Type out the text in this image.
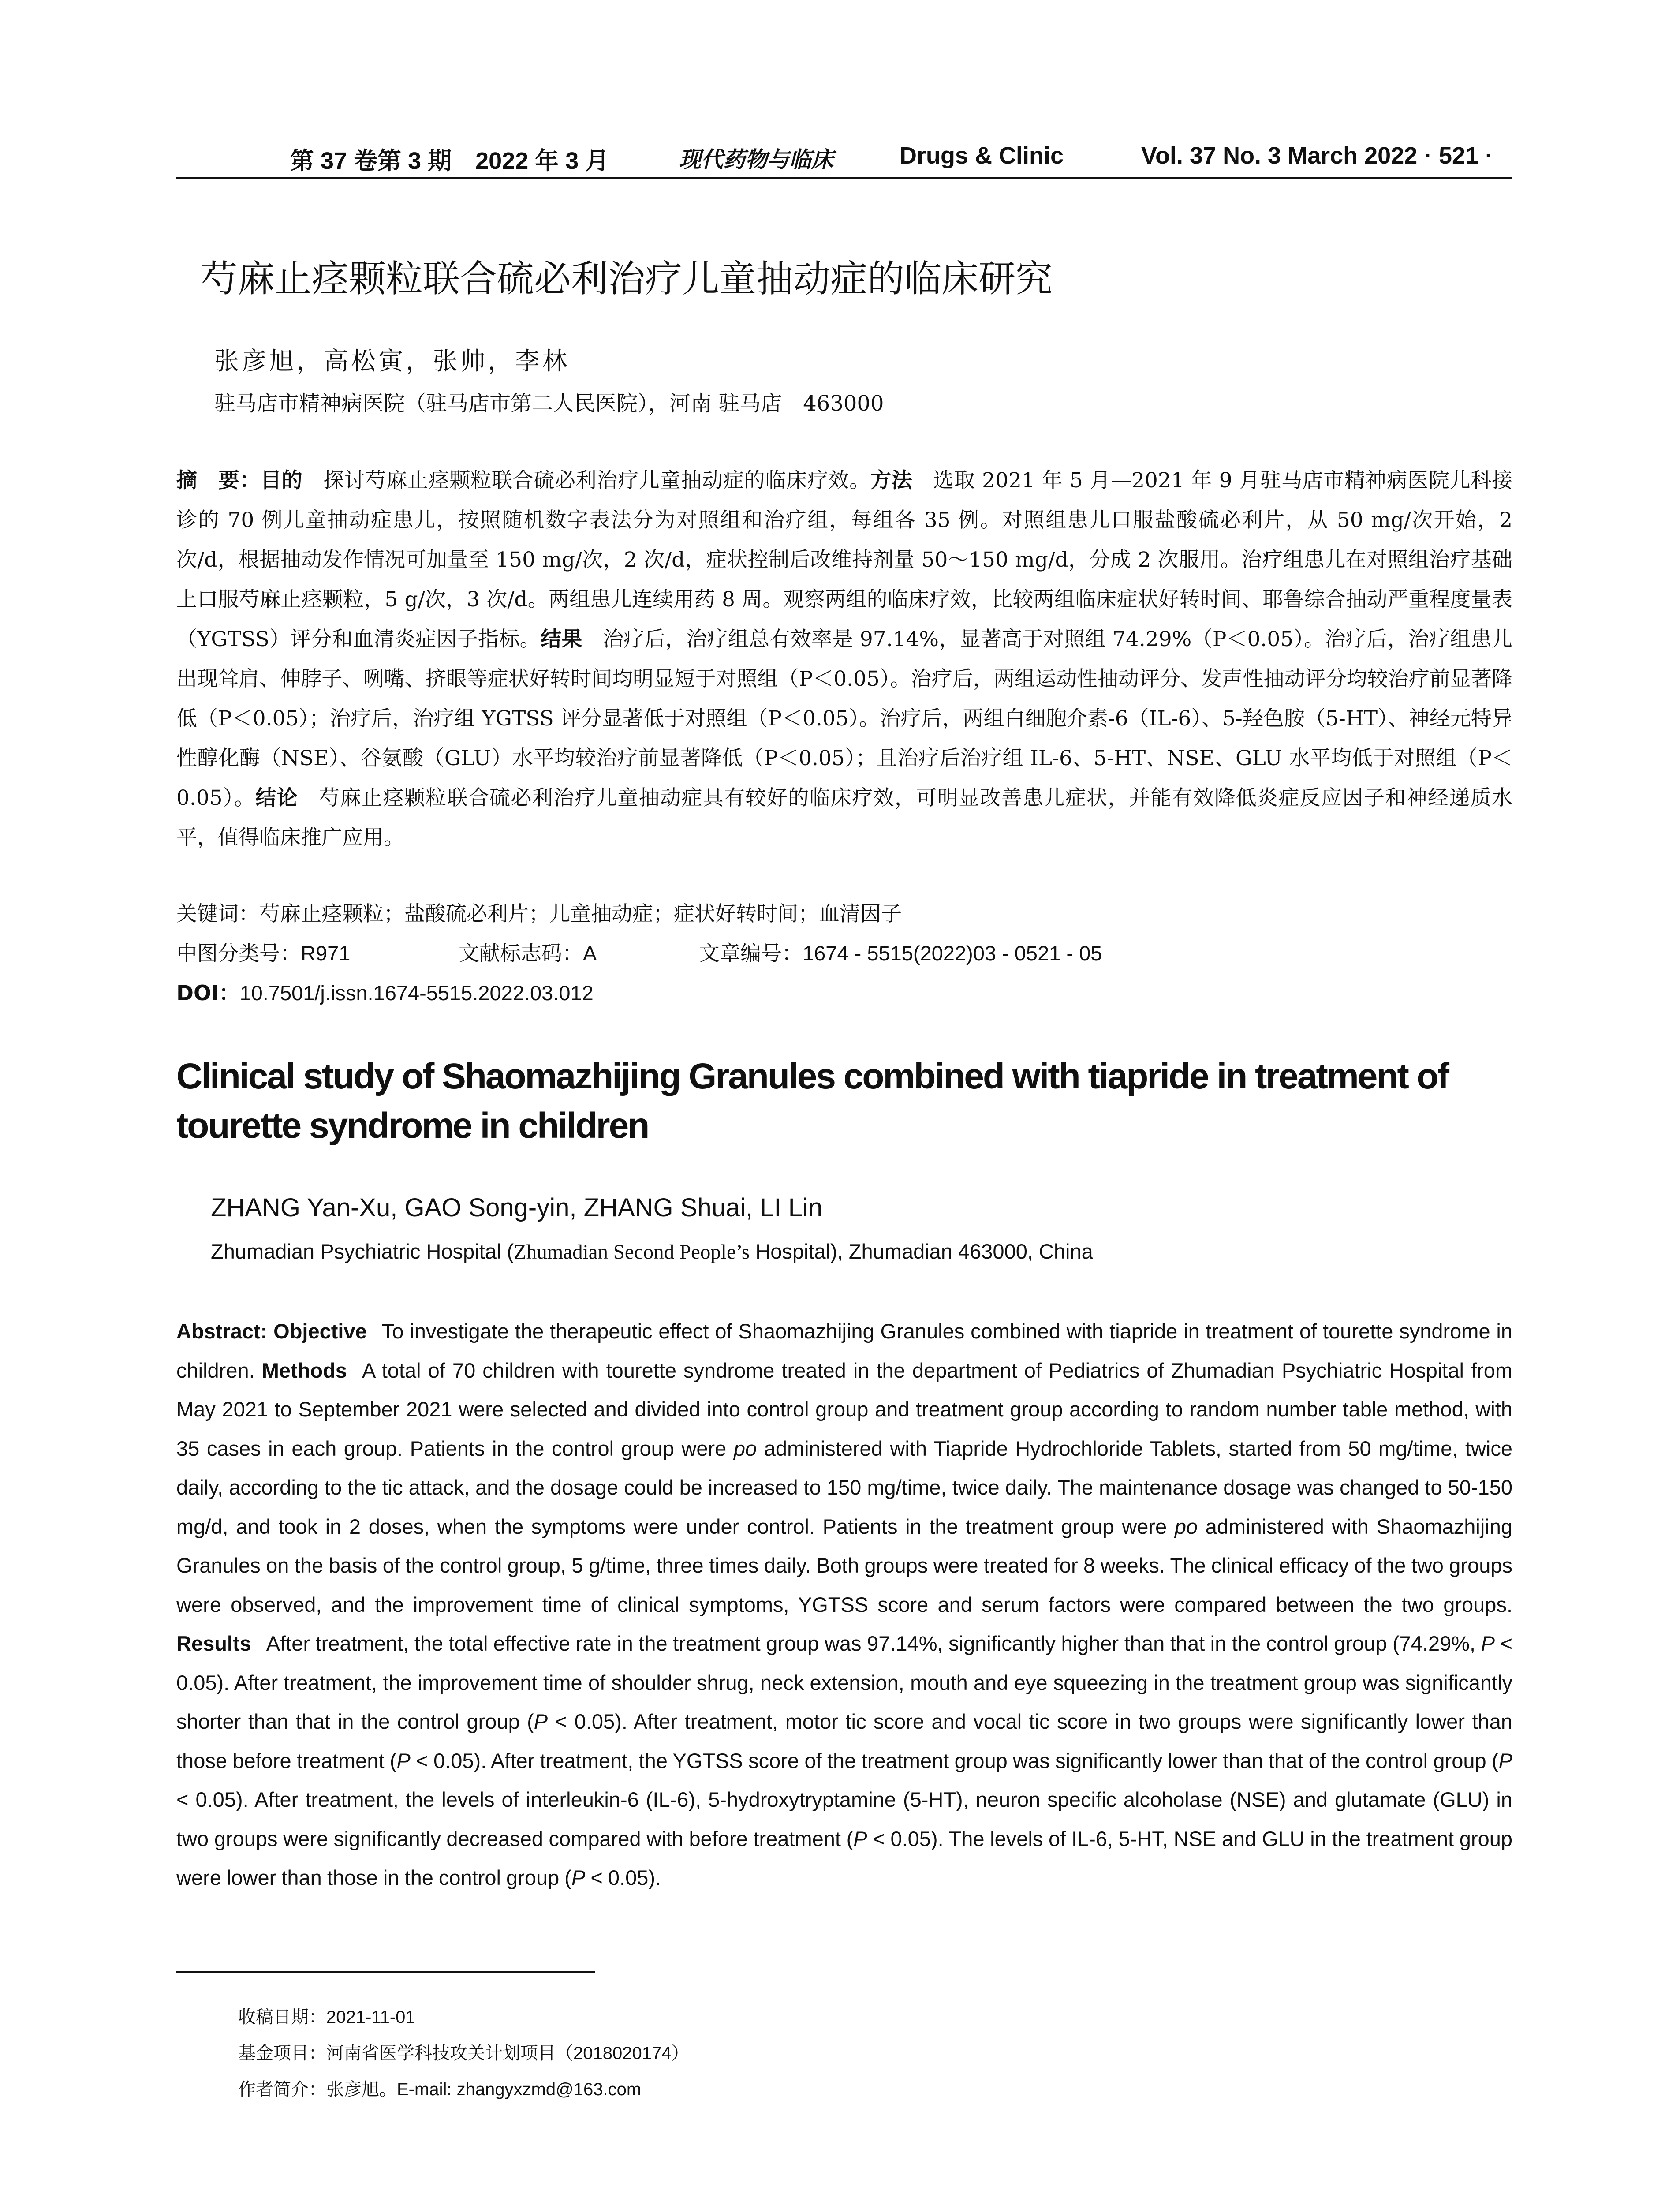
第 37 卷第 3 期　2022 年 3 月	现代药物与临床	Drugs & Clinic	Vol. 37 No. 3 March 2022 · 521 ·
芍麻止痉颗粒联合硫必利治疗儿童抽动症的临床研究
张彦旭，高松寅，张帅，李林
驻马店市精神病医院（驻马店市第二人民医院），河南 驻马店　463000

摘　要：目的 探讨芍麻止痉颗粒联合硫必利治疗儿童抽动症的临床疗效。方法 选取 2021 年 5 月—2021 年 9 月驻马店市精神病医院儿科接诊的 70 例儿童抽动症患儿，按照随机数字表法分为对照组和治疗组，每组各 35 例。对照组患儿口服盐酸硫必利片，从 50 mg/次开始，2 次/d，根据抽动发作情况可加量至 150 mg/次，2 次/d，症状控制后改维持剂量 50～150 mg/d，分成 2 次服用。治疗组患儿在对照组治疗基础上口服芍麻止痉颗粒，5 g/次，3 次/d。两组患儿连续用药 8 周。观察两组的临床疗效，比较两组临床症状好转时间、耶鲁综合抽动严重程度量表（YGTSS）评分和血清炎症因子指标。结果 治疗后，治疗组总有效率是 97.14%，显著高于对照组 74.29%（P＜0.05）。治疗后，治疗组患儿出现耸肩、伸脖子、咧嘴、挤眼等症状好转时间均明显短于对照组（P＜0.05）。治疗后，两组运动性抽动评分、发声性抽动评分均较治疗前显著降低（P＜0.05）；治疗后，治疗组 YGTSS 评分显著低于对照组（P＜0.05）。治疗后，两组白细胞介素-6（IL-6）、5-羟色胺（5-HT）、神经元特异性醇化酶（NSE）、谷氨酸（GLU）水平均较治疗前显著降低（P＜0.05）；且治疗后治疗组 IL-6、5-HT、NSE、GLU 水平均低于对照组（P＜0.05）。结论 芍麻止痉颗粒联合硫必利治疗儿童抽动症具有较好的临床疗效，可明显改善患儿症状，并能有效降低炎症反应因子和神经递质水平，值得临床推广应用。

关键词：芍麻止痉颗粒；盐酸硫必利片；儿童抽动症；症状好转时间；血清因子
中图分类号：R971	文献标志码：A	文章编号：1674 - 5515(2022)03 - 0521 - 05
DOI：10.7501/j.issn.1674-5515.2022.03.012
Clinical study of Shaomazhijing Granules combined with tiapride in treatment of tourette syndrome in children
ZHANG Yan-Xu, GAO Song-yin, ZHANG Shuai, LI Lin
Zhumadian Psychiatric Hospital (Zhumadian Second People’s Hospital), Zhumadian 463000, China

Abstract: Objective To investigate the therapeutic effect of Shaomazhijing Granules combined with tiapride in treatment of tourette syndrome in children. Methods A total of 70 children with tourette syndrome treated in the department of Pediatrics of Zhumadian Psychiatric Hospital from May 2021 to September 2021 were selected and divided into control group and treatment group according to random number table method, with 35 cases in each group. Patients in the control group were po administered with Tiapride Hydrochloride Tablets, started from 50 mg/time, twice daily, according to the tic attack, and the dosage could be increased to 150 mg/time, twice daily. The maintenance dosage was changed to 50-150 mg/d, and took in 2 doses, when the symptoms were under control. Patients in the treatment group were po administered with Shaomazhijing Granules on the basis of the control group, 5 g/time, three times daily. Both groups were treated for 8 weeks. The clinical efficacy of the two groups were observed, and the improvement time of clinical symptoms, YGTSS score and serum factors were compared between the two groups. Results After treatment, the total effective rate in the treatment group was 97.14%, significantly higher than that in the control group (74.29%, P < 0.05). After treatment, the improvement time of shoulder shrug, neck extension, mouth and eye squeezing in the treatment group was significantly shorter than that in the control group (P < 0.05). After treatment, motor tic score and vocal tic score in two groups were significantly lower than those before treatment (P < 0.05). After treatment, the YGTSS score of the treatment group was significantly lower than that of the control group (P < 0.05). After treatment, the levels of interleukin-6 (IL-6), 5-hydroxytryptamine (5-HT), neuron specific alcoholase (NSE) and glutamate (GLU) in two groups were significantly decreased compared with before treatment (P < 0.05). The levels of IL-6, 5-HT, NSE and GLU in the treatment group were lower than those in the control group (P < 0.05).

收稿日期：2021-11-01
基金项目：河南省医学科技攻关计划项目（2018020174）
作者简介：张彦旭。E-mail: zhangyxzmd@163.com
